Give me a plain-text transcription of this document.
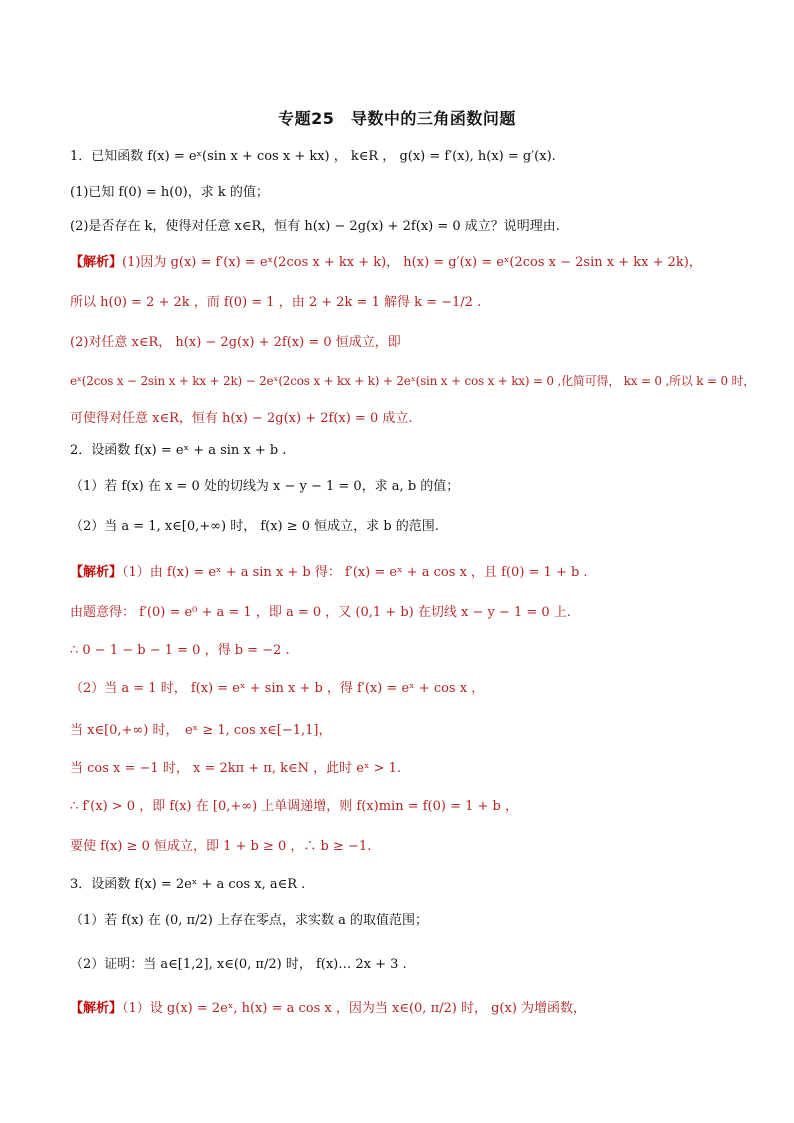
专题25　导数中的三角函数问题
1．已知函数 f(x) = eˣ(sin x + cos x + kx) ， k∈R ， g(x) = f′(x), h(x) = g′(x).
(1)已知 f(0) = h(0)，求 k 的值；
(2)是否存在 k，使得对任意 x∈R，恒有 h(x) − 2g(x) + 2f(x) = 0 成立？说明理由.
【解析】(1)因为 g(x) = f′(x) = eˣ(2cos x + kx + k)， h(x) = g′(x) = eˣ(2cos x − 2sin x + kx + 2k)，
所以 h(0) = 2 + 2k ，而 f(0) = 1 ，由 2 + 2k = 1 解得 k = −1/2 .
(2)对任意 x∈R， h(x) − 2g(x) + 2f(x) = 0 恒成立，即
eˣ(2cos x − 2sin x + kx + 2k) − 2eˣ(2cos x + kx + k) + 2eˣ(sin x + cos x + kx) = 0 ,化简可得， kx = 0 ,所以 k = 0 时，
可使得对任意 x∈R，恒有 h(x) − 2g(x) + 2f(x) = 0 成立.
2．设函数 f(x) = eˣ + a sin x + b .
（1）若 f(x) 在 x = 0 处的切线为 x − y − 1 = 0，求 a, b 的值；
（2）当 a = 1, x∈[0,+∞) 时， f(x) ≥ 0 恒成立，求 b 的范围.
【解析】（1）由 f(x) = eˣ + a sin x + b 得： f′(x) = eˣ + a cos x ，且 f(0) = 1 + b .
由题意得： f′(0) = e⁰ + a = 1 ，即 a = 0 ，又 (0,1 + b) 在切线 x − y − 1 = 0 上.
∴ 0 − 1 − b − 1 = 0 ，得 b = −2 .
（2）当 a = 1 时， f(x) = eˣ + sin x + b ，得 f′(x) = eˣ + cos x ，
当 x∈[0,+∞) 时，　eˣ ≥ 1, cos x∈[−1,1]，
当 cos x = −1 时， x = 2kπ + π, k∈N ，此时 eˣ > 1.
∴ f′(x) > 0 ，即 f(x) 在 [0,+∞) 上单调递增，则 f(x)min = f(0) = 1 + b ，
要使 f(x) ≥ 0 恒成立，即 1 + b ≥ 0 ，∴ b ≥ −1.
3．设函数 f(x) = 2eˣ + a cos x, a∈R .
（1）若 f(x) 在 (0, π/2) 上存在零点，求实数 a 的取值范围；
（2）证明：当 a∈[1,2], x∈(0, π/2) 时， f(x)… 2x + 3 .
【解析】（1）设 g(x) = 2eˣ, h(x) = a cos x ，因为当 x∈(0, π/2) 时， g(x) 为增函数，
